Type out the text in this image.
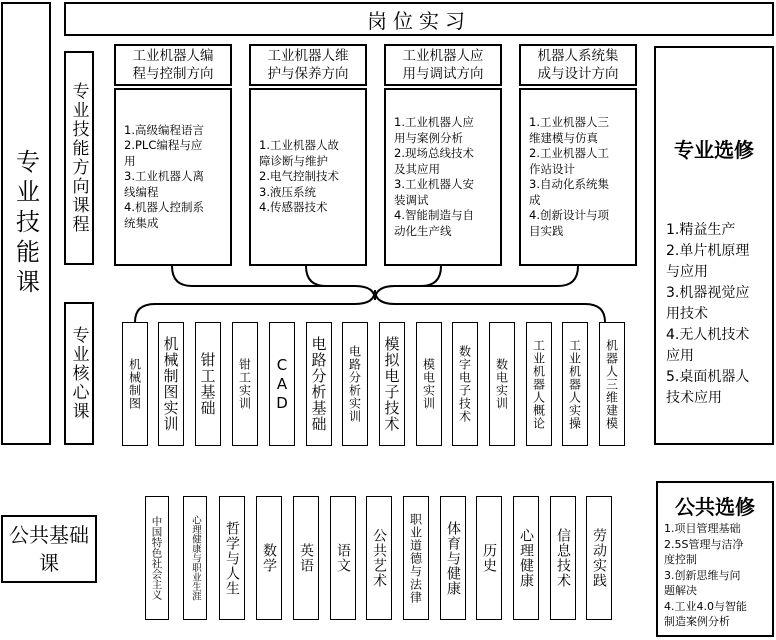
岗位实习
专业技能课 专业技能方向课程
专业核心课
工业机器人编
程与控制方向
工业机器人维
护与保养方向
工业机器人应
用与调试方向
机器人系统集
成与设计方向
1.高级编程语言
2.PLC编程与应
用
3.工业机器人离
线编程
4.机器人控制系
统集成
1.工业机器人故
障诊断与维护
2.电气控制技术
3.液压系统
4.传感器技术
1.工业机器人应
用与案例分析
2.现场总线技术
及其应用
3.工业机器人安
装调试
4.智能制造与自
动化生产线
1.工业机器人三
维建模与仿真
2.工业机器人工
作站设计
3.自动化系统集
成
4.创新设计与项
目实践
机械制图 机械制图实训 钳工基础 钳工实训 CAD 电路分析基础 电路分析实训 模拟电子技术 模电实训 数字电子技术 数电实训 工业机器人概论 工业机器人实操 机器人三维建模
专业选修
1.精益生产
2.单片机原理
与应用
3.机器视觉应
用技术
4.无人机技术
应用
5.桌面机器人
技术应用
公共基础课	中国特色社会主义	心理健康与职业生涯 哲学与人生 数学 英语 语文 公共艺术 职业道德与法律 体育与健康 历史 心理健康 信息技术 劳动实践
公共选修
1.项目管理基础
2.5S管理与洁净
度控制
3.创新思维与问
题解决
4.工业4.0与智能
制造案例分析
